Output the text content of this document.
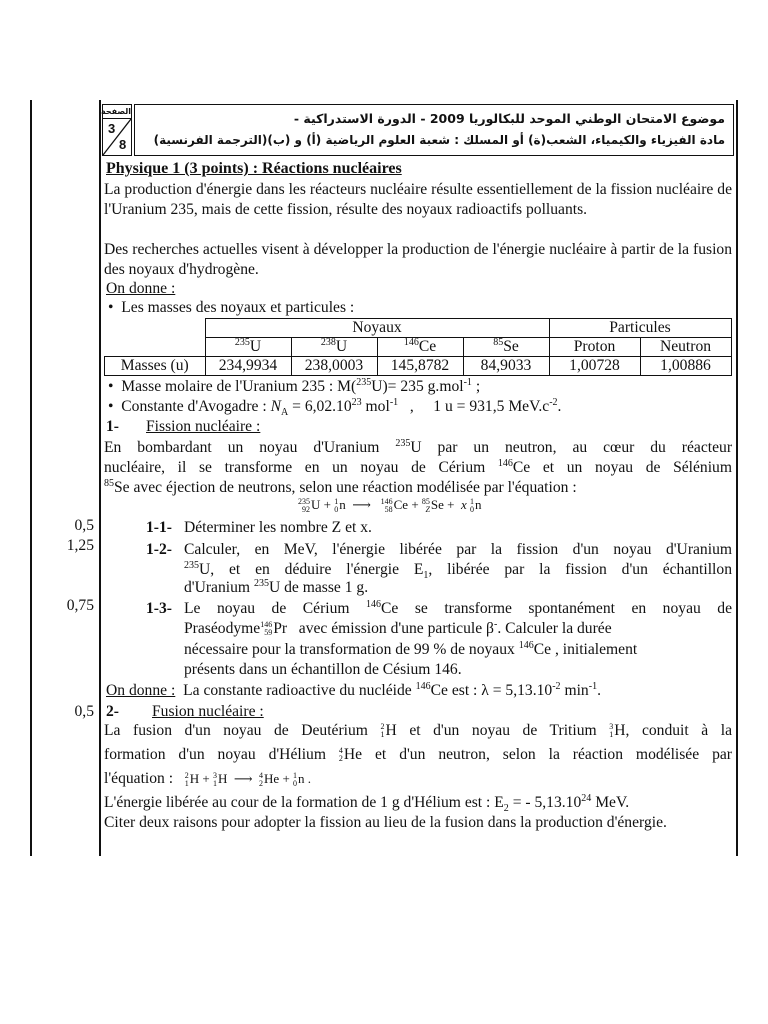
الصفحة
3
8
موضوع الامتحان الوطني الموحد للبكالوريا 2009 - الدورة الاستدراكية -
مادة الفيزياء والكيمياء، الشعب(ة) أو المسلك : شعبة العلوم الرياضية (أ) و (ب)(الترجمة الفرنسية)
Physique 1 (3 points) : Réactions nucléaires
La production d'énergie dans les réacteurs nucléaire résulte essentiellement de la fission nucléaire de l'Uranium 235, mais de cette fission, résulte des noyaux radioactifs polluants.
Des recherches actuelles visent à développer la production de l'énergie nucléaire à partir de la fusion des noyaux d'hydrogène.
On donne :
•  Les masses des noyaux et particules :
	Noyaux				Particules	
	$^{235}$U	$^{238}$U	$^{146}$Ce	$^{85}$Se	Proton	Neutron
Masses (u)	234,9934	238,0003	145,8782	84,9033	1,00728	1,00886
•  Masse molaire de l'Uranium 235 : M($^{235}$U)= 235 g.mol$^{-1}$ ;
•  Constante d'Avogadre : $N_A = 6,02.10^{23}$ mol$^{-1}$   ,     1 u = 931,5 $MeV.c^{-2}$.
1- Fission nucléaire :
En bombardant un noyau d'Uranium $^{235}$U par un neutron, au cœur du réacteur
nucléaire, il se transforme en un noyau de Cérium $^{146}$Ce et un noyau de Sélénium
$^{85}$Se avec éjection de neutrons, selon une réaction modélisée par l'équation :
235
92 U + 1
0 n  ⟶ 146
58 Ce + 85
Z Se +  x 1
0 n
0,5
1,25
0,75
0,5
1-1- Déterminer les nombre Z et x.
1-2- Calculer, en MeV, l'énergie libérée par la fission d'un noyau d'Uranium
$^{235}$U, et en déduire l'énergie $E_1$, libérée par la fission d'un échantillon
d'Uranium $^{235}$U de masse 1 g.
1-3- Le noyau de Cérium $^{146}$Ce se transforme spontanément en noyau de
Praséodyme 146
59 Pr   avec émission d'une particule β-. Calculer la durée
nécessaire pour la transformation de 99 % de noyaux $^{146}$Ce , initialement
présents dans un échantillon de Césium 146.
On donne : La constante radioactive du nucléide $^{146}$Ce est : $\lambda = 5,13.10^{-2}$ $\min^{-1}$.
2- Fusion nucléaire :
La fusion d'un noyau de Deutérium 2
1 H et d'un noyau de Tritium 3
1 H, conduit à la
formation d'un noyau d'Hélium 4
2 He et d'un neutron, selon la réaction modélisée par
l'équation : 2
1 H + 3
1 H  ⟶ 4
2 He + 1
0 n .
L'énergie libérée au cour de la formation de 1 g d'Hélium est : $E_2$ = - 5,13.10$^{24}$ MeV.
Citer deux raisons pour adopter la fission au lieu de la fusion dans la production d'énergie.
